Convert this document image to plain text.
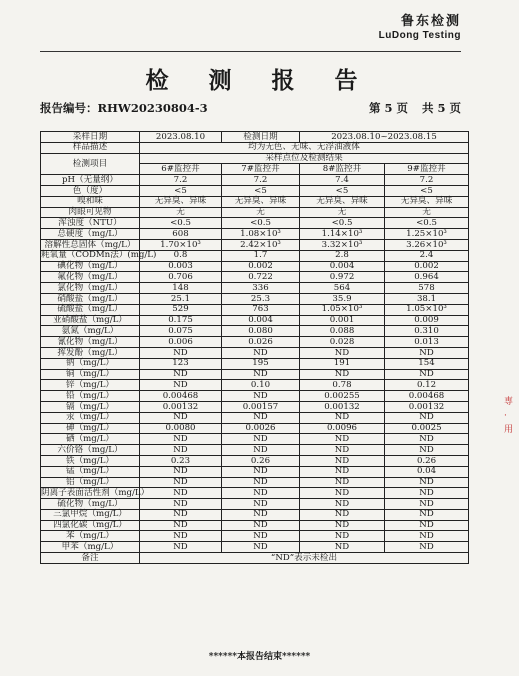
鲁东检测
LuDong Testing
检 测 报 告
报告编号：RHW20230804-3	第 5 页 共 5 页
采样日期	2023.08.10	检测日期	2023.08.10~2023.08.15	
样品描述	均为无色、无味、无浮油液体			
检测项目	采样点位及检测结果			
	6#监控井	7#监控井	8#监控井	9#监控井
pH（无量纲）	7.2	7.2	7.4	7.2
色（度）	<5	<5	<5	<5
嗅和味	无异臭、异味	无异臭、异味	无异臭、异味	无异臭、异味
肉眼可见物	无	无	无	无
浑浊度（NTU）	<0.5	<0.5	<0.5	<0.5
总硬度（mg/L）	608	1.08×10³	1.14×10³	1.25×10³
溶解性总固体（mg/L）	1.70×10³	2.42×10³	3.32×10³	3.26×10³
耗氧量（CODMn法）(mg/L)	0.8	1.7	2.8	2.4
碘化物（mg/L）	0.003	0.002	0.004	0.002
氟化物（mg/L）	0.706	0.722	0.972	0.964
氯化物（mg/L）	148	336	564	578
硝酸盐（mg/L）	25.1	25.3	35.9	38.1
硫酸盐（mg/L）	529	763	1.05×10³	1.05×10³
亚硝酸盐（mg/L）	0.175	0.004	0.001	0.009
氨氮（mg/L）	0.075	0.080	0.088	0.310
氰化物（mg/L）	0.006	0.026	0.028	0.013
挥发酚（mg/L）	ND	ND	ND	ND
钠（mg/L）	123	195	191	154
铜（mg/L）	ND	ND	ND	ND
锌（mg/L）	ND	0.10	0.78	0.12
铅（mg/L）	0.00468	ND	0.00255	0.00468
镉（mg/L）	0.00132	0.00157	0.00132	0.00132
汞（mg/L）	ND	ND	ND	ND
砷（mg/L）	0.0080	0.0026	0.0096	0.0025
硒（mg/L）	ND	ND	ND	ND
六价铬（mg/L）	ND	ND	ND	ND
铁（mg/L）	0.23	0.26	ND	0.26
锰（mg/L）	ND	ND	ND	0.04
铝（mg/L）	ND	ND	ND	ND
阴离子表面活性剂（mg/L）	ND	ND	ND	ND
硫化物（mg/L）	ND	ND	ND	ND
三氯甲烷（mg/L）	ND	ND	ND	ND
四氯化碳（mg/L）	ND	ND	ND	ND
苯（mg/L）	ND	ND	ND	ND
甲苯（mg/L）	ND	ND	ND	ND
备注	“ND”表示未检出			
******本报告结束******
専
·
用
